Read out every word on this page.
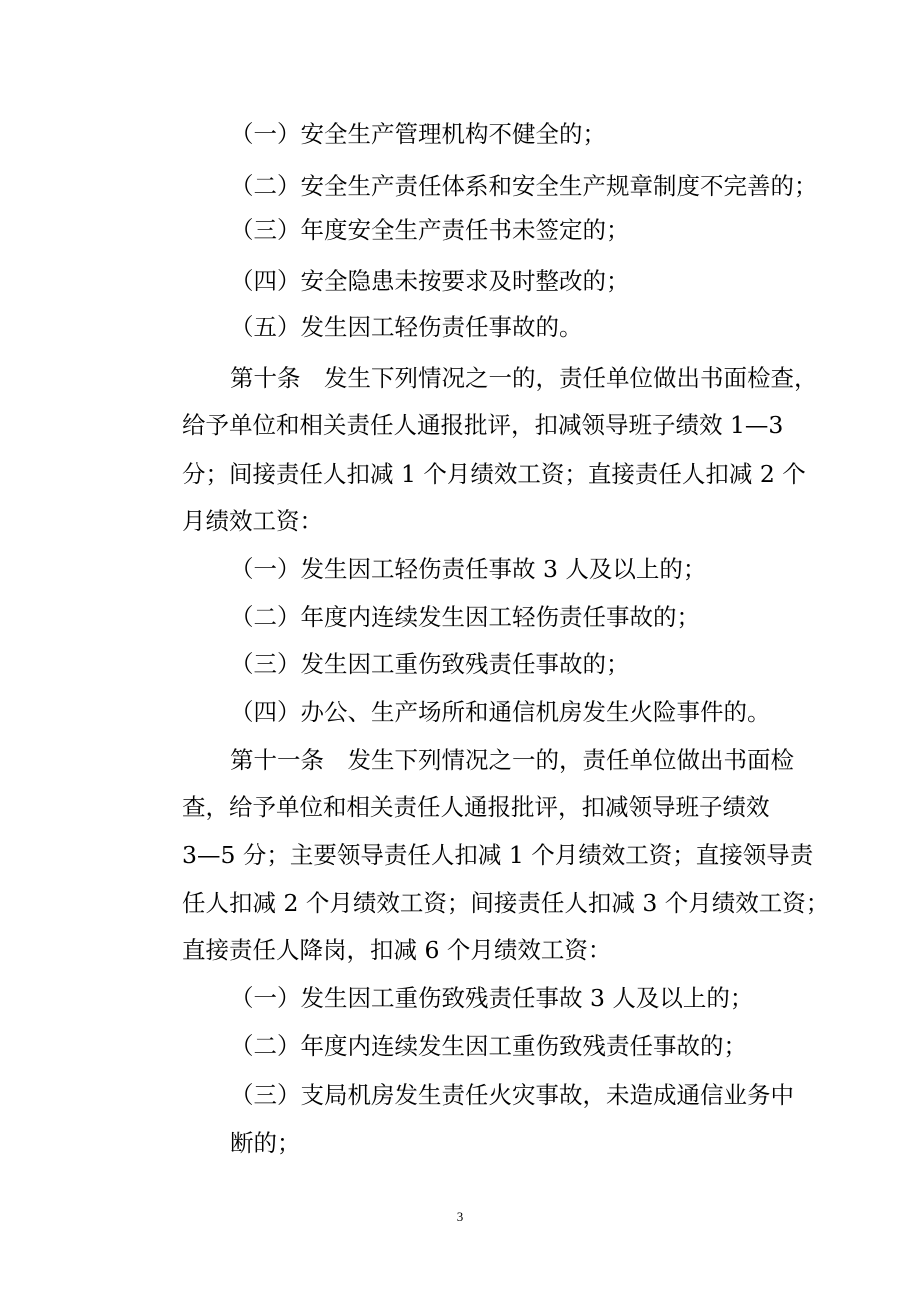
（一）安全生产管理机构不健全的；

（二）安全生产责任体系和安全生产规章制度不完善的；

（三）年度安全生产责任书未签定的；

（四）安全隐患未按要求及时整改的；

（五）发生因工轻伤责任事故的。

第十条　发生下列情况之一的，责任单位做出书面检查，

给予单位和相关责任人通报批评，扣减领导班子绩效 1—3

分；间接责任人扣减 1 个月绩效工资；直接责任人扣减 2 个

月绩效工资：

（一）发生因工轻伤责任事故 3 人及以上的；

（二）年度内连续发生因工轻伤责任事故的；

（三）发生因工重伤致残责任事故的；

（四）办公、生产场所和通信机房发生火险事件的。

第十一条　发生下列情况之一的，责任单位做出书面检

查，给予单位和相关责任人通报批评，扣减领导班子绩效

3—5 分；主要领导责任人扣减 1 个月绩效工资；直接领导责

任人扣减 2 个月绩效工资；间接责任人扣减 3 个月绩效工资；

直接责任人降岗，扣减 6 个月绩效工资：

（一）发生因工重伤致残责任事故 3 人及以上的；

（二）年度内连续发生因工重伤致残责任事故的；

（三）支局机房发生责任火灾事故，未造成通信业务中

断的；

3
